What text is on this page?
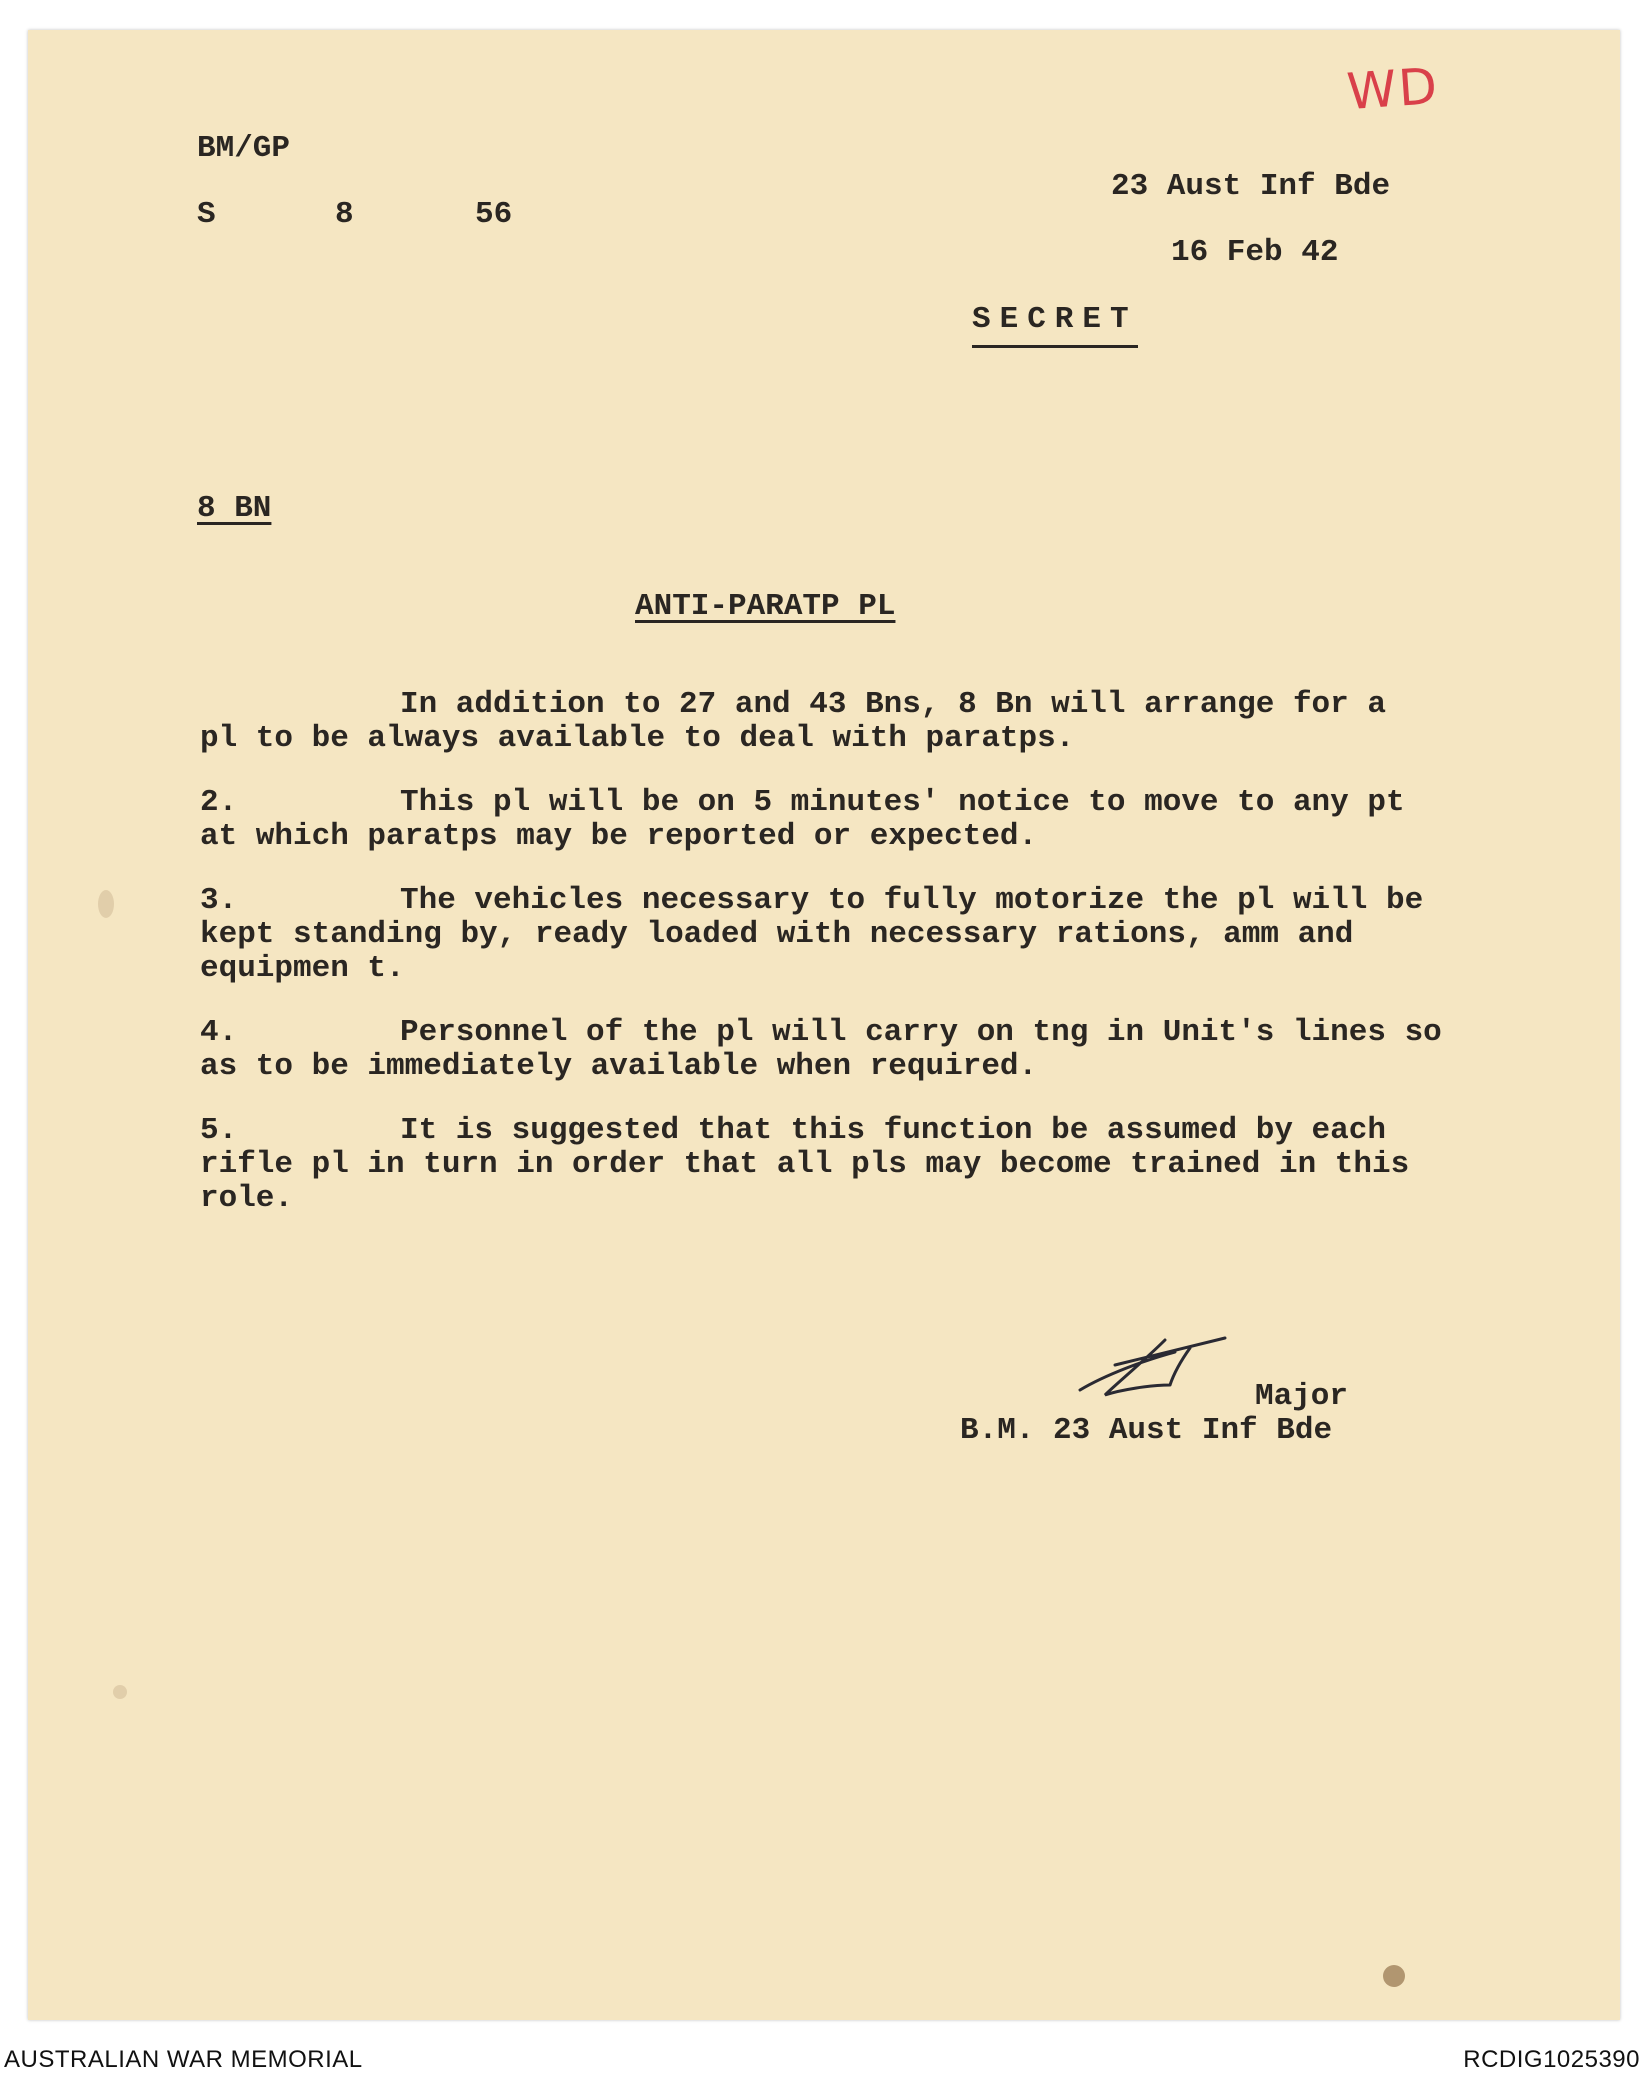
WD
BM/GP
S	8	56
23 Aust Inf Bde
16 Feb 42
SECRET
8 BN
ANTI-PARATP PL
In addition to 27 and 43 Bns, 8 Bn will arrange for a
pl to be always available to deal with paratps.
2.	This pl will be on 5 minutes' notice to move to any pt
at which paratps may be reported or expected.
3.	The vehicles necessary to fully motorize the pl will be
kept standing by, ready loaded with necessary rations, amm and
equipmen t.
4.	Personnel of the pl will carry on tng in Unit's lines so
as to be immediately available when required.
5.	It is suggested that this function be assumed by each
rifle pl in turn in order that all pls may become trained in this
role.
Major
B.M. 23 Aust Inf Bde
AUSTRALIAN WAR MEMORIAL	RCDIG1025390
